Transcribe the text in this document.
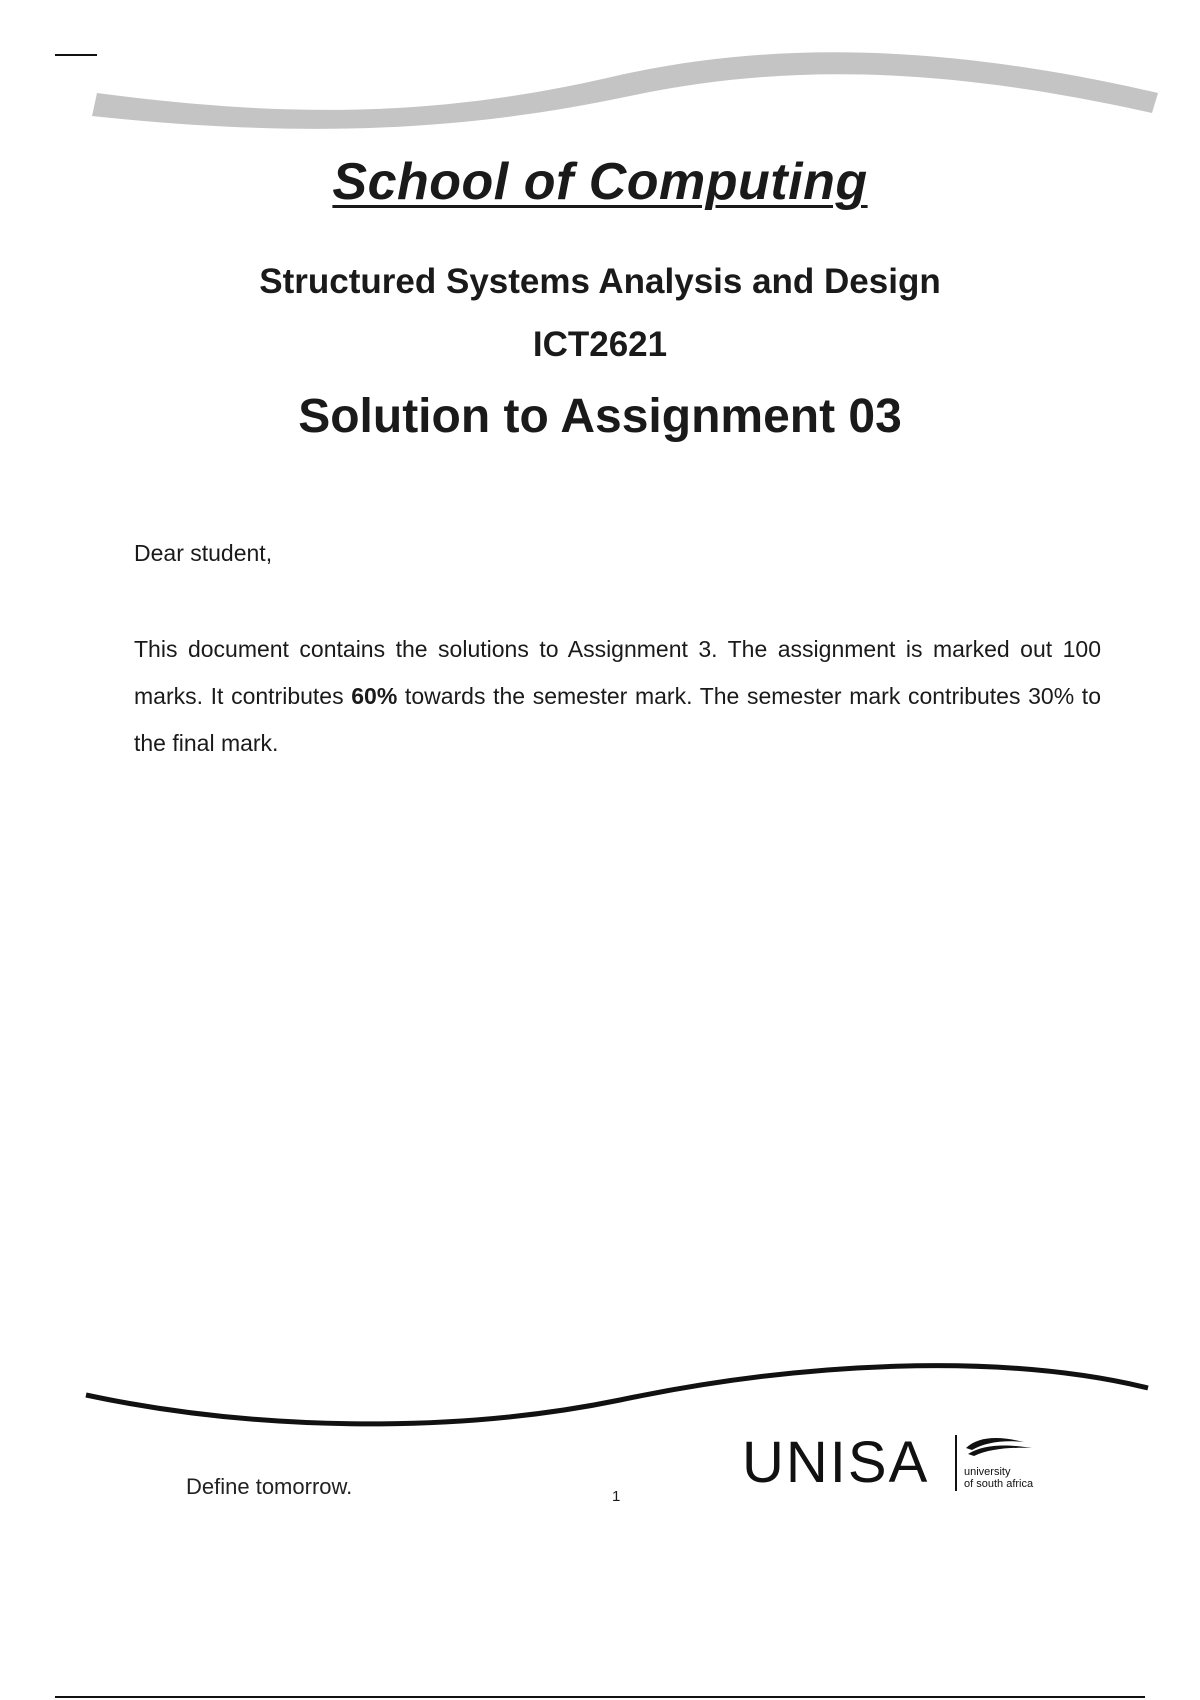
School of Computing
Structured Systems Analysis and Design
ICT2621
Solution to Assignment 03
Dear student,
This document contains the solutions to Assignment 3. The assignment is marked out 100 marks. It contributes 60% towards the semester mark. The semester mark contributes 30% to the final mark.
Define tomorrow.	1
UNISA	university
of south africa
